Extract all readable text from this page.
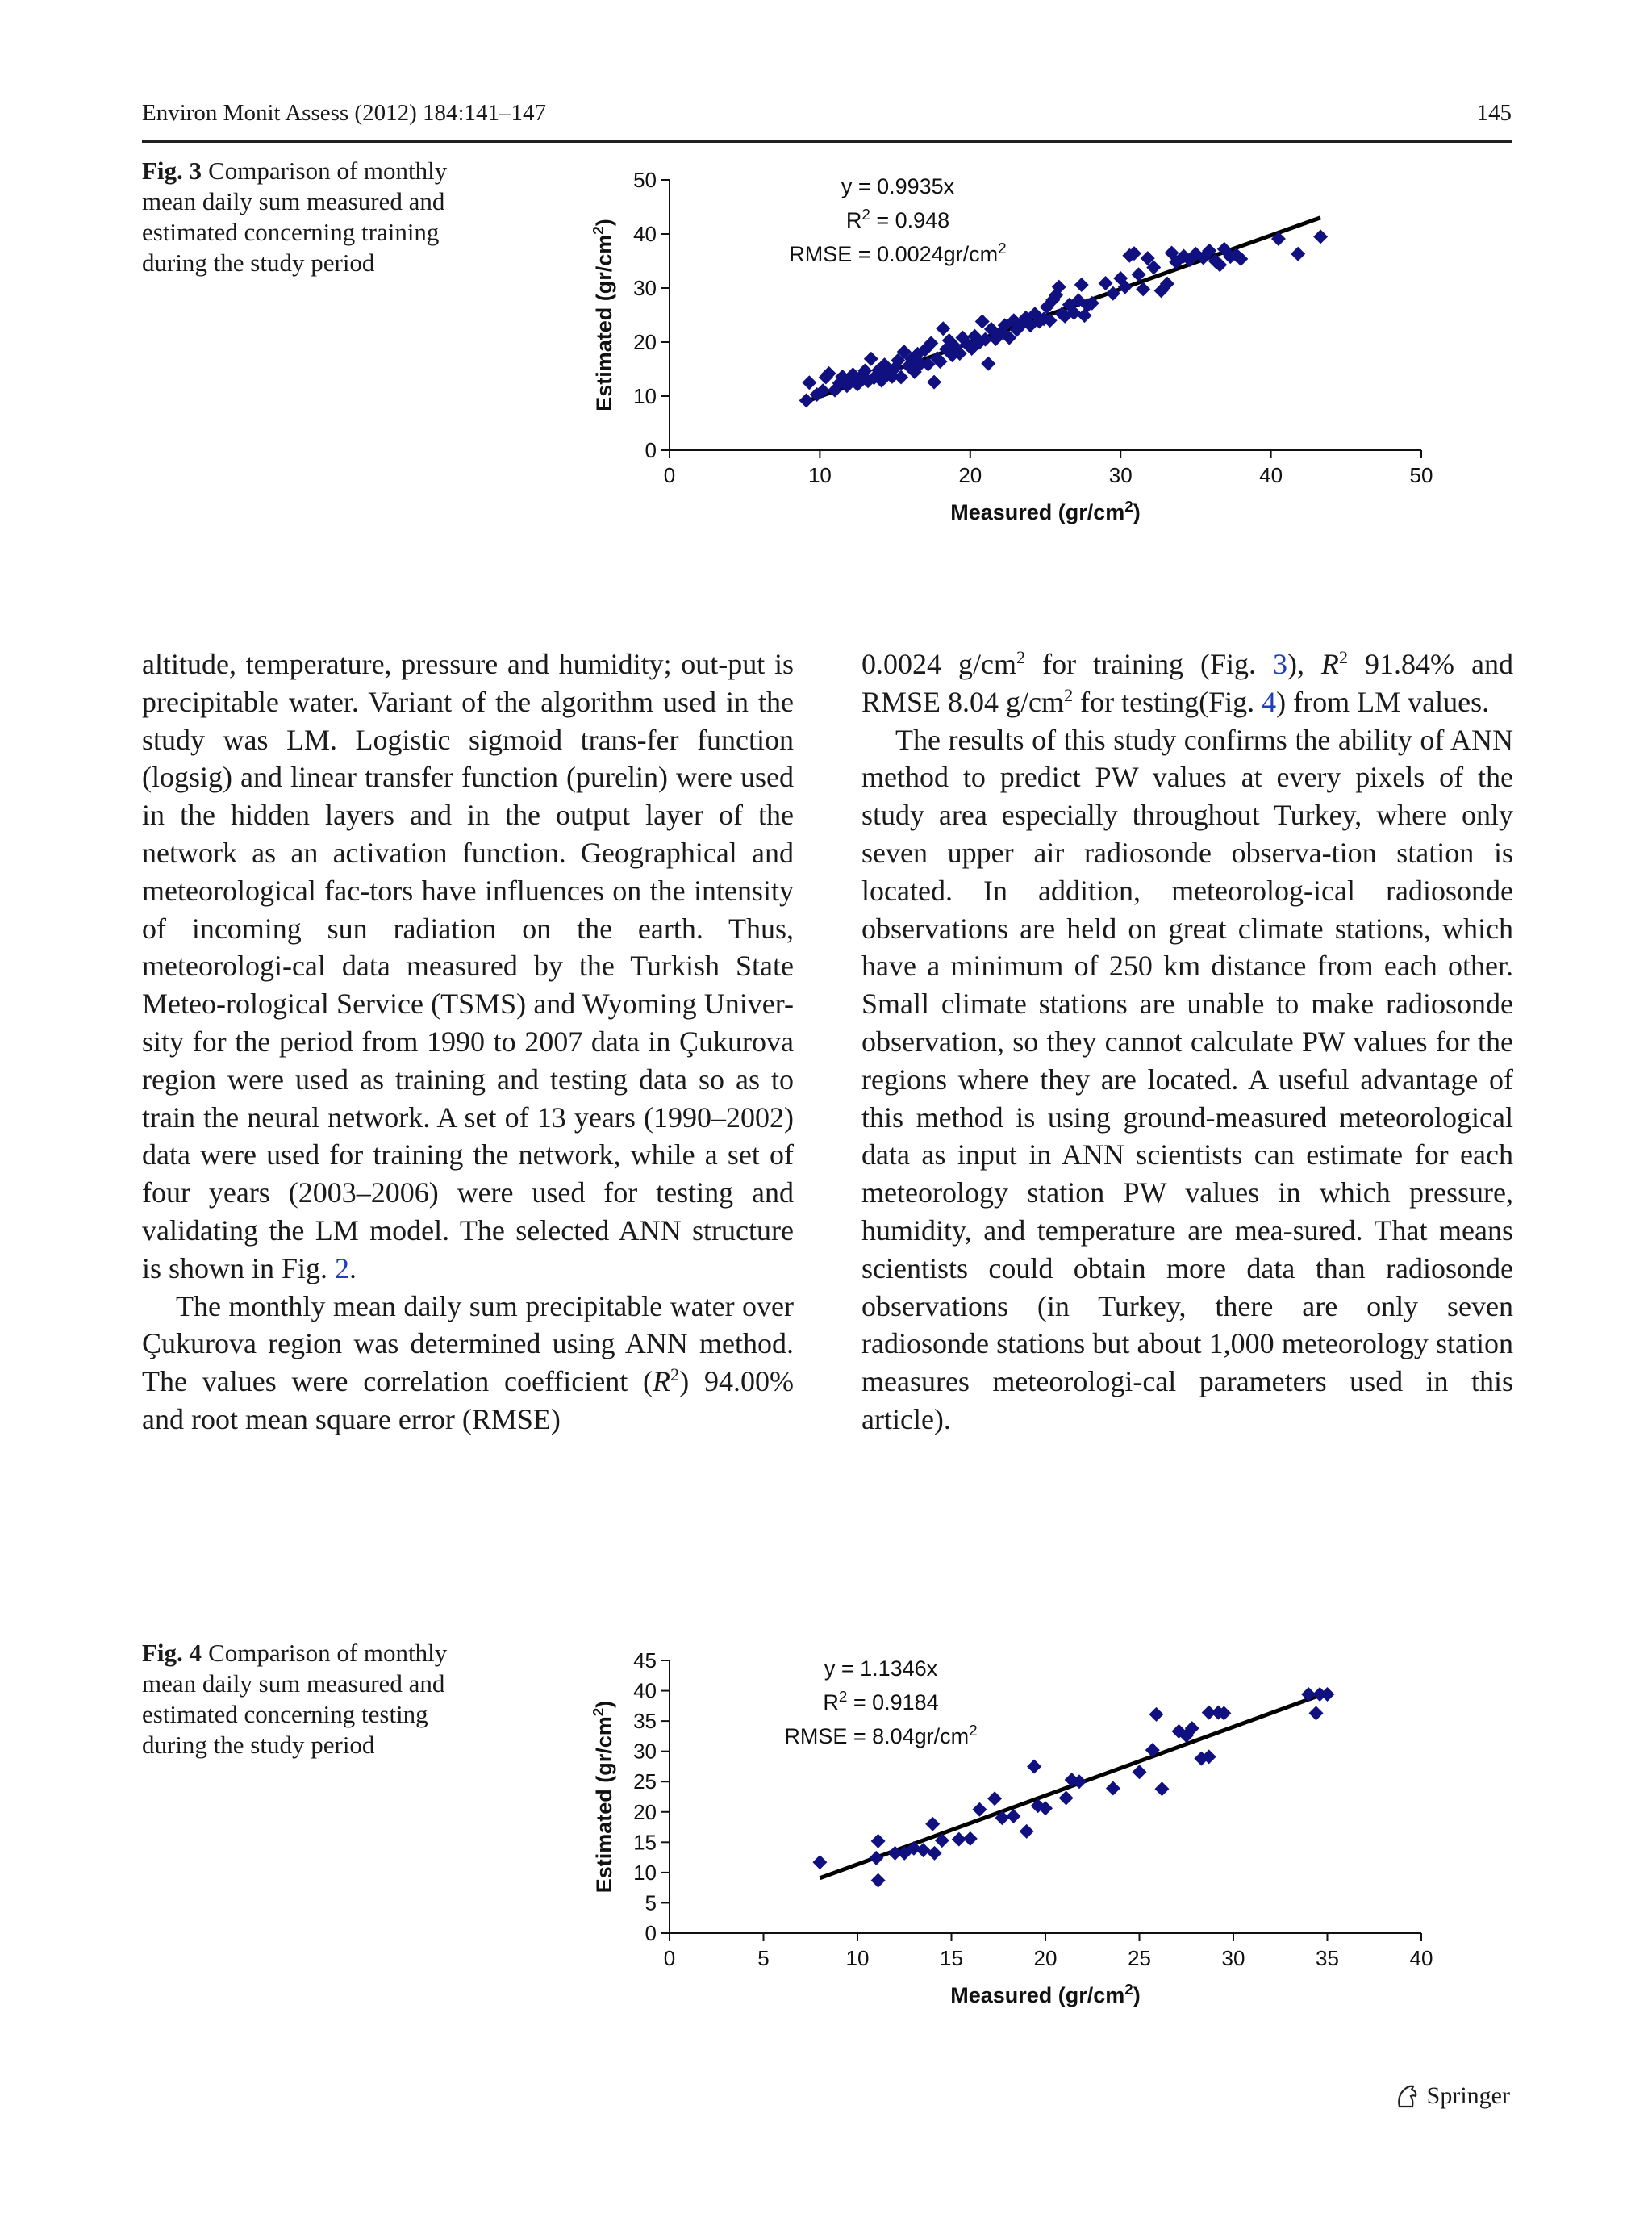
Environ Monit Assess (2012) 184:141–147	145
Fig. 3 Comparison of monthly mean daily sum measured and estimated concerning training during the study period
0
10
20
30
40
50
0	10	20	30	40	50
Measured $(gr/cm^2)$
Estimated $(gr/cm^2)$
y = 0.9935x
$R^2 = 0.948$
RMSE = $0.0024gr/cm^2$

altitude, temperature, pressure and humidity; out-put is precipitable water. Variant of the algorithm used in the study was LM. Logistic sigmoid trans-fer function (logsig) and linear transfer function (purelin) were used in the hidden layers and in the output layer of the network as an activation function. Geographical and meteorological fac-tors have influences on the intensity of incoming sun radiation on the earth. Thus, meteorologi-cal data measured by the Turkish State Meteo-rological Service (TSMS) and Wyoming Univer-sity for the period from 1990 to 2007 data in Çukurova region were used as training and testing data so as to train the neural network. A set of 13 years (1990–2002) data were used for training the network, while a set of four years (2003–2006) were used for testing and validating the LM model. The selected ANN structure is shown in Fig. 2.

The monthly mean daily sum precipitable water over Çukurova region was determined using ANN method. The values were correlation coefficient $(R^2)$ 94.00% and root mean square error (RMSE)

0.0024 $g/cm^2$ for training (Fig. 3), $R^2$ 91.84% and RMSE 8.04 $g/cm^2$ for testing(Fig. 4) from LM values.

The results of this study confirms the ability of ANN method to predict PW values at every pixels of the study area especially throughout Turkey, where only seven upper air radiosonde observa-tion station is located. In addition, meteorolog-ical radiosonde observations are held on great climate stations, which have a minimum of 250 km distance from each other. Small climate stations are unable to make radiosonde observation, so they cannot calculate PW values for the regions where they are located. A useful advantage of this method is using ground-measured meteorological data as input in ANN scientists can estimate for each meteorology station PW values in which pressure, humidity, and temperature are mea-sured. That means scientists could obtain more data than radiosonde observations (in Turkey, there are only seven radiosonde stations but about 1,000 meteorology station measures meteorologi-cal parameters used in this article).

Fig. 4 Comparison of monthly mean daily sum measured and estimated concerning testing during the study period
0
5
10
15
20
25
30
35
40
45
0	5	10	15	20	25	30	35	40
Measured $(gr/cm^2)$
Estimated $(gr/cm^2)$
y = 1.1346x
$R^2 = 0.9184$
RMSE = $8.04gr/cm^2$
Springer
